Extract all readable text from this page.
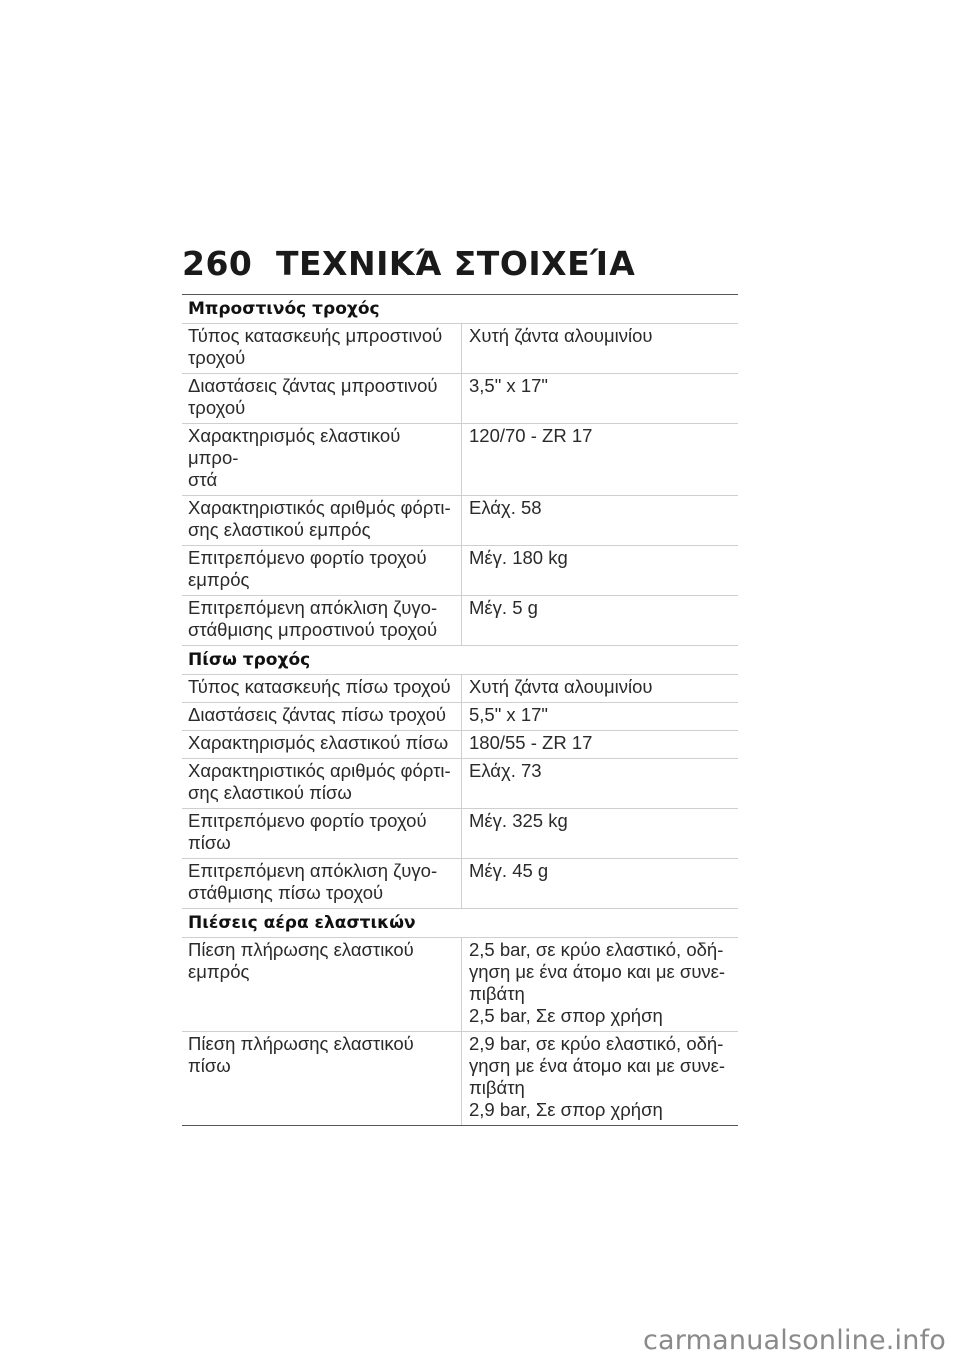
260 ΤΕΧΝΙΚΆ ΣΤΟΙΧΕΊΑ
Μπροστινός τροχός	

Τύπος κατασκευής μπροστινού
τροχού	Χυτή ζάντα αλουμινίου

Διαστάσεις ζάντας μπροστινού
τροχού	3,5" x 17"

Χαρακτηρισμός ελαστικού μπρο-
στά	120/70 - ZR 17

Χαρακτηριστικός αριθμός φόρτι-
σης ελαστικού εμπρός	Ελάχ. 58

Επιτρεπόμενο φορτίο τροχού
εμπρός	Μέγ. 180 kg

Επιτρεπόμενη απόκλιση ζυγο-
στάθμισης μπροστινού τροχού	Μέγ. 5 g

Πίσω τροχός	

Τύπος κατασκευής πίσω τροχού	Χυτή ζάντα αλουμινίου

Διαστάσεις ζάντας πίσω τροχού	5,5" x 17"

Χαρακτηρισμός ελαστικού πίσω	180/55 - ZR 17

Χαρακτηριστικός αριθμός φόρτι-
σης ελαστικού πίσω	Ελάχ. 73

Επιτρεπόμενο φορτίο τροχού
πίσω	Μέγ. 325 kg

Επιτρεπόμενη απόκλιση ζυγο-
στάθμισης πίσω τροχού	Μέγ. 45 g

Πιέσεις αέρα ελαστικών	

Πίεση πλήρωσης ελαστικού
εμπρός	2,5 bar, σε κρύο ελαστικό, οδή-
γηση με ένα άτομο και με συνε-
πιβάτη
2,5 bar, Σε σπορ χρήση

Πίεση πλήρωσης ελαστικού πίσω	2,9 bar, σε κρύο ελαστικό, οδή-
γηση με ένα άτομο και με συνε-
πιβάτη
2,9 bar, Σε σπορ χρήση
carmanualsonline.info
